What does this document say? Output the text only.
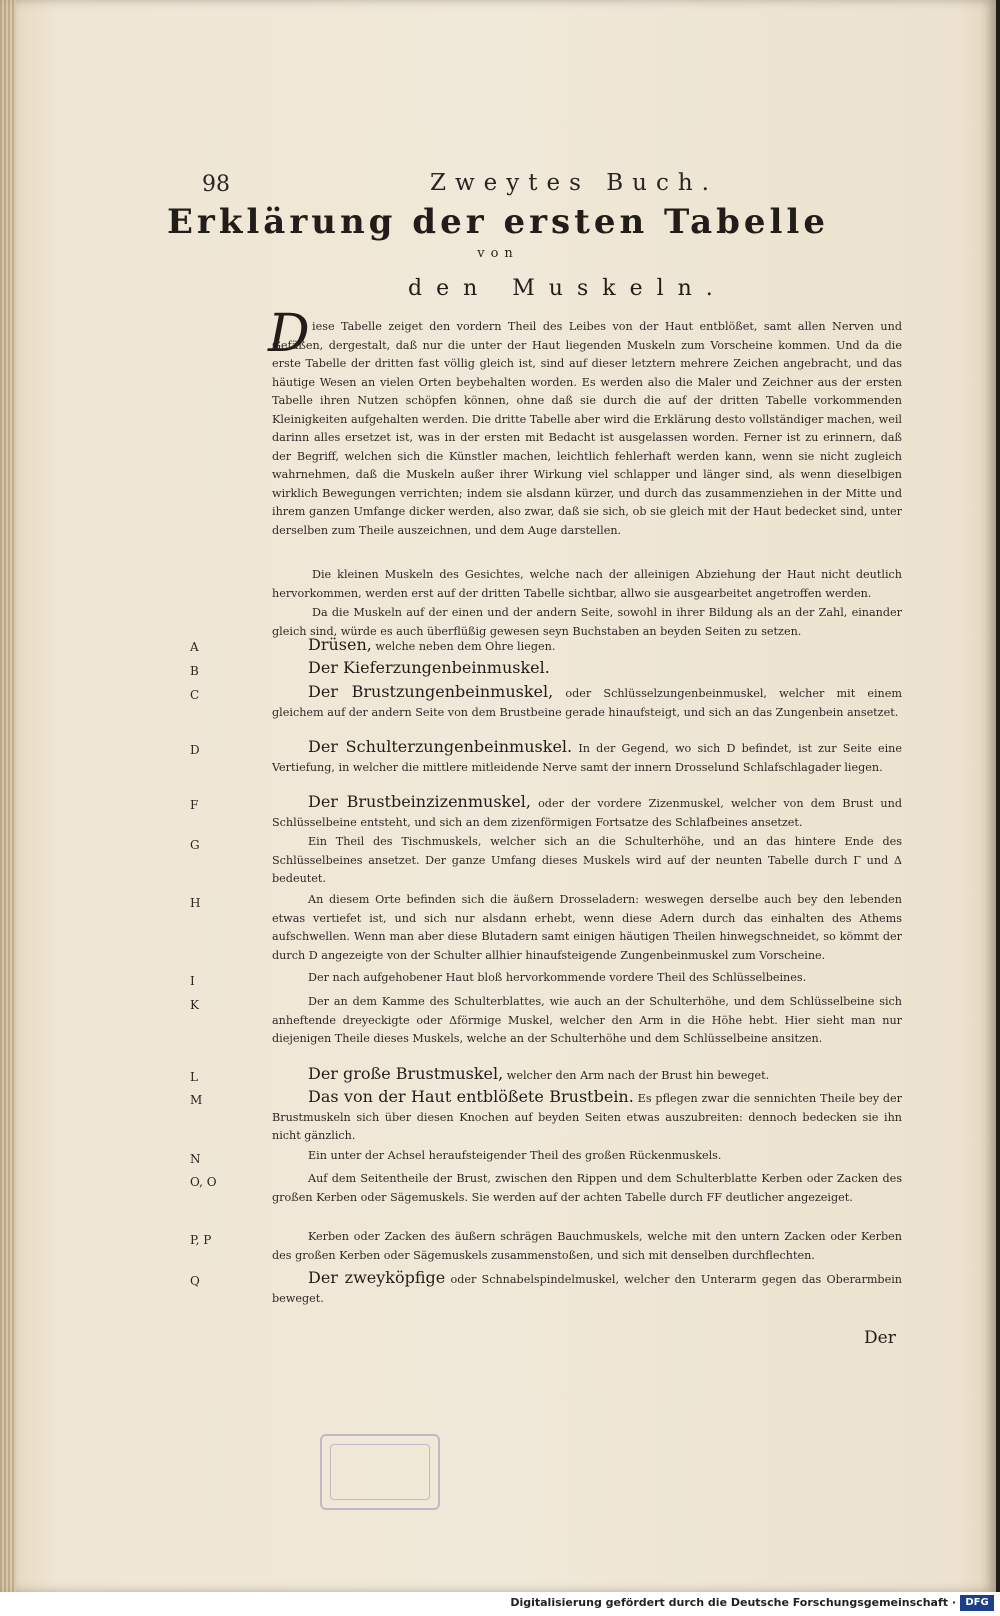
98	Zweytes Buch.

Erklärung der ersten Tabelle

von

den Muskeln.

D iese Tabelle zeiget den vordern Theil des Leibes von der Haut entblößet, samt allen Nerven und Gefäßen, dergestalt, daß nur die unter der Haut liegenden Muskeln zum Vorscheine kommen. Und da die erste Tabelle der dritten fast völlig gleich ist, sind auf dieser letztern mehrere Zeichen angebracht, und das häutige Wesen an vielen Orten beybehalten worden. Es werden also die Maler und Zeichner aus der ersten Tabelle ihren Nutzen schöpfen können, ohne daß sie durch die auf der dritten Tabelle vorkommenden Kleinigkeiten aufgehalten werden. Die dritte Tabelle aber wird die Erklärung desto vollständiger machen, weil darinn alles ersetzet ist, was in der ersten mit Bedacht ist ausgelassen worden. Ferner ist zu erinnern, daß der Begriff, welchen sich die Künstler machen, leichtlich fehlerhaft werden kann, wenn sie nicht zugleich wahrnehmen, daß die Muskeln außer ihrer Wirkung viel schlapper und länger sind, als wenn dieselbigen wirklich Bewegungen verrichten; indem sie alsdann kürzer, und durch das zusammenziehen in der Mitte und ihrem ganzen Umfange dicker werden, also zwar, daß sie sich, ob sie gleich mit der Haut bedecket sind, unter derselben zum Theile auszeichnen, und dem Auge darstellen.

Die kleinen Muskeln des Gesichtes, welche nach der alleinigen Abziehung der Haut nicht deutlich hervorkommen, werden erst auf der dritten Tabelle sichtbar, allwo sie ausgearbeitet angetroffen werden.

Da die Muskeln auf der einen und der andern Seite, sowohl in ihrer Bildung als an der Zahl, einander gleich sind, würde es auch überflüßig gewesen seyn Buchstaben an beyden Seiten zu setzen.

A	Drüsen, welche neben dem Ohre liegen.

B	Der Kieferzungenbeinmuskel.

C	Der Brustzungenbeinmuskel, oder Schlüsselzungenbeinmuskel, welcher mit einem gleichem auf der andern Seite von dem Brustbeine gerade hinaufsteigt, und sich an das Zungenbein ansetzet.

D	Der Schulterzungenbeinmuskel. In der Gegend, wo sich D befindet, ist zur Seite eine Vertiefung, in welcher die mittlere mitleidende Nerve samt der innern Drosselund Schlafschlagader liegen.

F	Der Brustbeinzizenmuskel, oder der vordere Zizenmuskel, welcher von dem Brust und Schlüsselbeine entsteht, und sich an dem zizenförmigen Fortsatze des Schlafbeines ansetzet.

G	Ein Theil des Tischmuskels, welcher sich an die Schulterhöhe, und an das hintere Ende des Schlüsselbeines ansetzet. Der ganze Umfang dieses Muskels wird auf der neunten Tabelle durch Γ und Δ bedeutet.

H	An diesem Orte befinden sich die äußern Drosseladern: weswegen derselbe auch bey den lebenden etwas vertiefet ist, und sich nur alsdann erhebt, wenn diese Adern durch das einhalten des Athems aufschwellen. Wenn man aber diese Blutadern samt einigen häutigen Theilen hinwegschneidet, so kömmt der durch D angezeigte von der Schulter allhier hinaufsteigende Zungenbeinmuskel zum Vorscheine.

I	Der nach aufgehobener Haut bloß hervorkommende vordere Theil des Schlüsselbeines.

K	Der an dem Kamme des Schulterblattes, wie auch an der Schulterhöhe, und dem Schlüsselbeine sich anheftende dreyeckigte oder Δförmige Muskel, welcher den Arm in die Höhe hebt. Hier sieht man nur diejenigen Theile dieses Muskels, welche an der Schulterhöhe und dem Schlüsselbeine ansitzen.

L	Der große Brustmuskel, welcher den Arm nach der Brust hin beweget.

M	Das von der Haut entblößete Brustbein. Es pflegen zwar die sennichten Theile bey der Brustmuskeln sich über diesen Knochen auf beyden Seiten etwas auszubreiten: dennoch bedecken sie ihn nicht gänzlich.

N	Ein unter der Achsel heraufsteigender Theil des großen Rückenmuskels.

O, O	Auf dem Seitentheile der Brust, zwischen den Rippen und dem Schulterblatte Kerben oder Zacken des großen Kerben oder Sägemuskels. Sie werden auf der achten Tabelle durch FF deutlicher angezeiget.

P, P	Kerben oder Zacken des äußern schrägen Bauchmuskels, welche mit den untern Zacken oder Kerben des großen Kerben oder Sägemuskels zusammenstoßen, und sich mit denselben durchflechten.

Q	Der zweyköpfige oder Schnabelspindelmuskel, welcher den Unterarm gegen das Oberarmbein beweget.

Der
Digitalisierung gefördert durch die Deutsche Forschungsgemeinschaft · DFG
